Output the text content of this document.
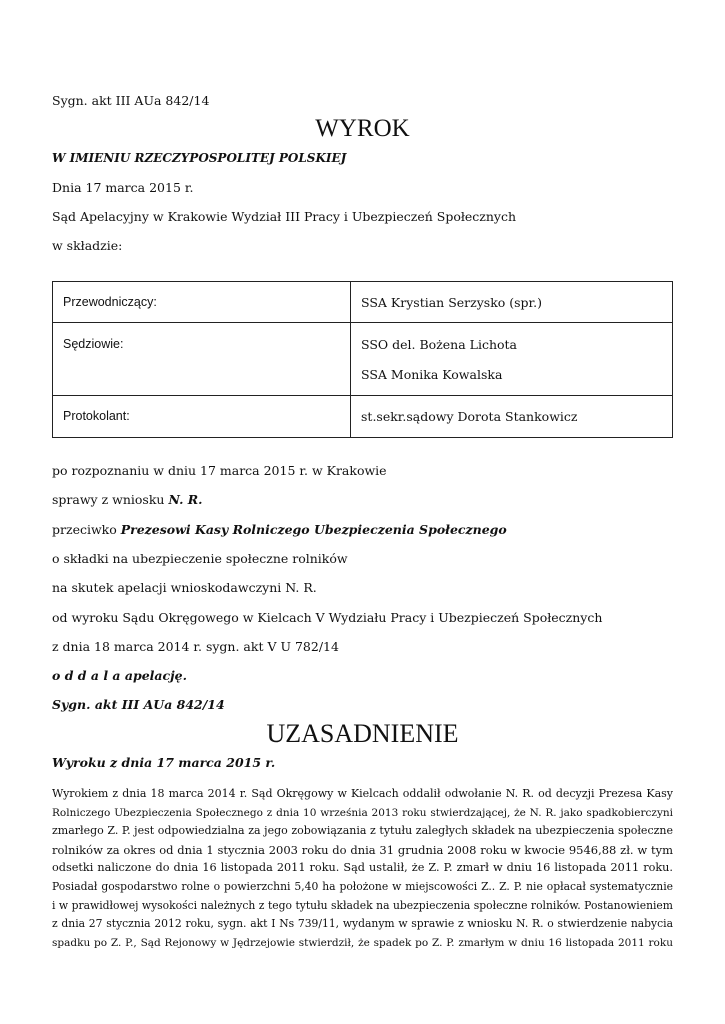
Sygn. akt III AUa 842/14
WYROK
W IMIENIU RZECZYPOSPOLITEJ POLSKIEJ
Dnia 17 marca 2015 r.
Sąd Apelacyjny w Krakowie Wydział III Pracy i Ubezpieczeń Społecznych
w składzie:
Przewodniczący:	SSA Krystian Serzysko (spr.)
Sędziowie:	SSO del. Bożena Lichota
SSA Monika Kowalska

Protokolant:	st.sekr.sądowy Dorota Stankowicz
po rozpoznaniu w dniu 17 marca 2015 r. w Krakowie
sprawy z wniosku N. R.
przeciwko Prezesowi Kasy Rolniczego Ubezpieczenia Społecznego
o składki na ubezpieczenie społeczne rolników
na skutek apelacji wnioskodawczyni N. R.
od wyroku Sądu Okręgowego w Kielcach V Wydziału Pracy i Ubezpieczeń Społecznych
z dnia 18 marca 2014 r. sygn. akt V U 782/14
o d d a l a apelację.
Sygn. akt III AUa 842/14
UZASADNIENIE
Wyroku z dnia 17 marca 2015 r.
Wyrokiem z dnia 18 marca 2014 r. Sąd Okręgowy w Kielcach oddalił odwołanie N. R. od decyzji Prezesa Kasy
Rolniczego Ubezpieczenia Społecznego z dnia 10 września 2013 roku stwierdzającej, że N. R. jako spadkobierczyni
zmarłego Z. P. jest odpowiedzialna za jego zobowiązania z tytułu zaległych składek na ubezpieczenia społeczne
rolników za okres od dnia 1 stycznia 2003 roku do dnia 31 grudnia 2008 roku w kwocie 9546,88 zł. w tym
odsetki naliczone do dnia 16 listopada 2011 roku. Sąd ustalił, że Z. P. zmarł w dniu 16 listopada 2011 roku.
Posiadał gospodarstwo rolne o powierzchni 5,40 ha położone w miejscowości Z.. Z. P. nie opłacał systematycznie
i w prawidłowej wysokości należnych z tego tytułu składek na ubezpieczenia społeczne rolników. Postanowieniem
z dnia 27 stycznia 2012 roku, sygn. akt I Ns 739/11, wydanym w sprawie z wniosku N. R. o stwierdzenie nabycia
spadku po Z. P., Sąd Rejonowy w Jędrzejowie stwierdził, że spadek po Z. P. zmarłym w dniu 16 listopada 2011 roku
